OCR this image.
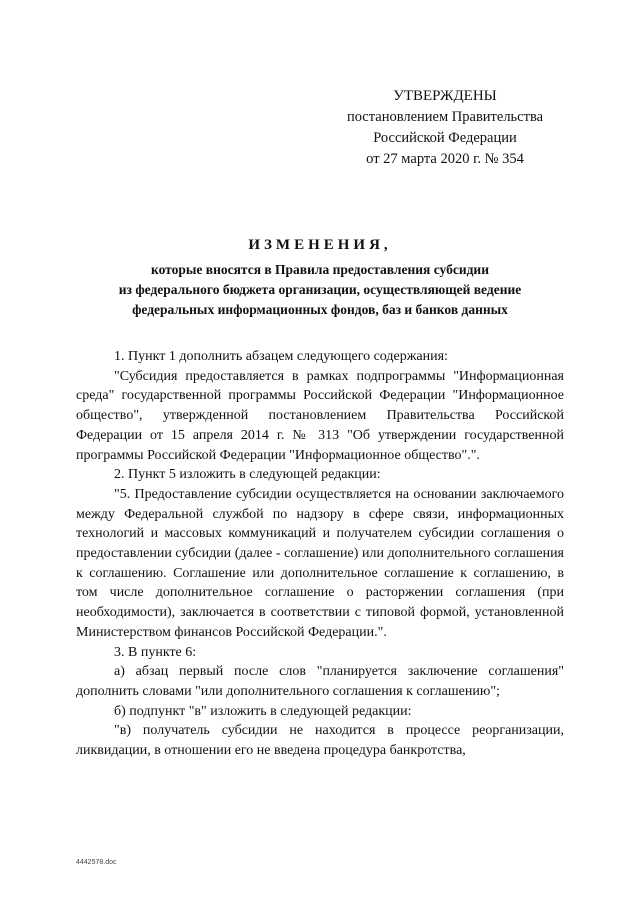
УТВЕРЖДЕНЫ
постановлением Правительства
Российской Федерации
от 27 марта 2020 г. № 354
ИЗМЕНЕНИЯ,
которые вносятся в Правила предоставления субсидии
из федерального бюджета организации, осуществляющей ведение
федеральных информационных фондов, баз и банков данных

1. Пункт 1 дополнить абзацем следующего содержания:

"Субсидия предоставляется в рамках подпрограммы "Информационная среда" государственной программы Российской Федерации "Информационное общество", утвержденной постановлением Правительства Российской Федерации от 15 апреля 2014 г. № 313 "Об утверждении государственной программы Российской Федерации "Информационное общество".".

2. Пункт 5 изложить в следующей редакции:

"5. Предоставление субсидии осуществляется на основании заключаемого между Федеральной службой по надзору в сфере связи, информационных технологий и массовых коммуникаций и получателем субсидии соглашения о предоставлении субсидии (далее - соглашение) или дополнительного соглашения к соглашению. Соглашение или дополнительное соглашение к соглашению, в том числе дополнительное соглашение о расторжении соглашения (при необходимости), заключается в соответствии с типовой формой, установленной Министерством финансов Российской Федерации.".

3. В пункте 6:

а) абзац первый после слов "планируется заключение соглашения" дополнить словами "или дополнительного соглашения к соглашению";

б) подпункт "в" изложить в следующей редакции:

"в) получатель субсидии не находится в процессе реорганизации, ликвидации, в отношении его не введена процедура банкротства,

4442578.doc
